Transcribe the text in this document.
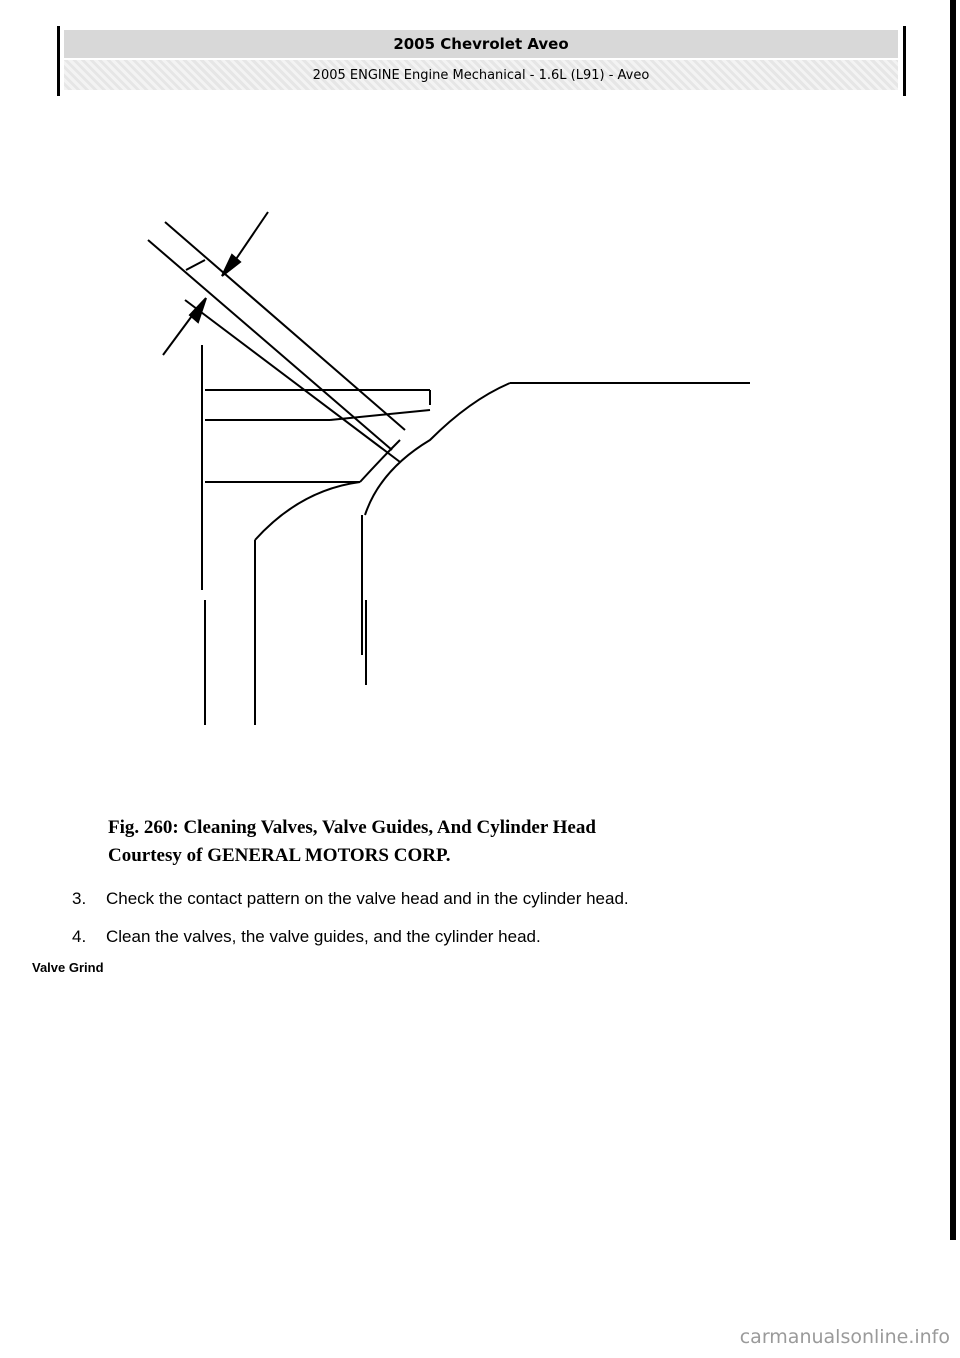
2005 Chevrolet Aveo
2005 ENGINE Engine Mechanical - 1.6L (L91) - Aveo
Fig. 260: Cleaning Valves, Valve Guides, And Cylinder Head
Courtesy of GENERAL MOTORS CORP.
3.	Check the contact pattern on the valve head and in the cylinder head.
4.	Clean the valves, the valve guides, and the cylinder head.
Valve Grind
carmanualsonline.info
